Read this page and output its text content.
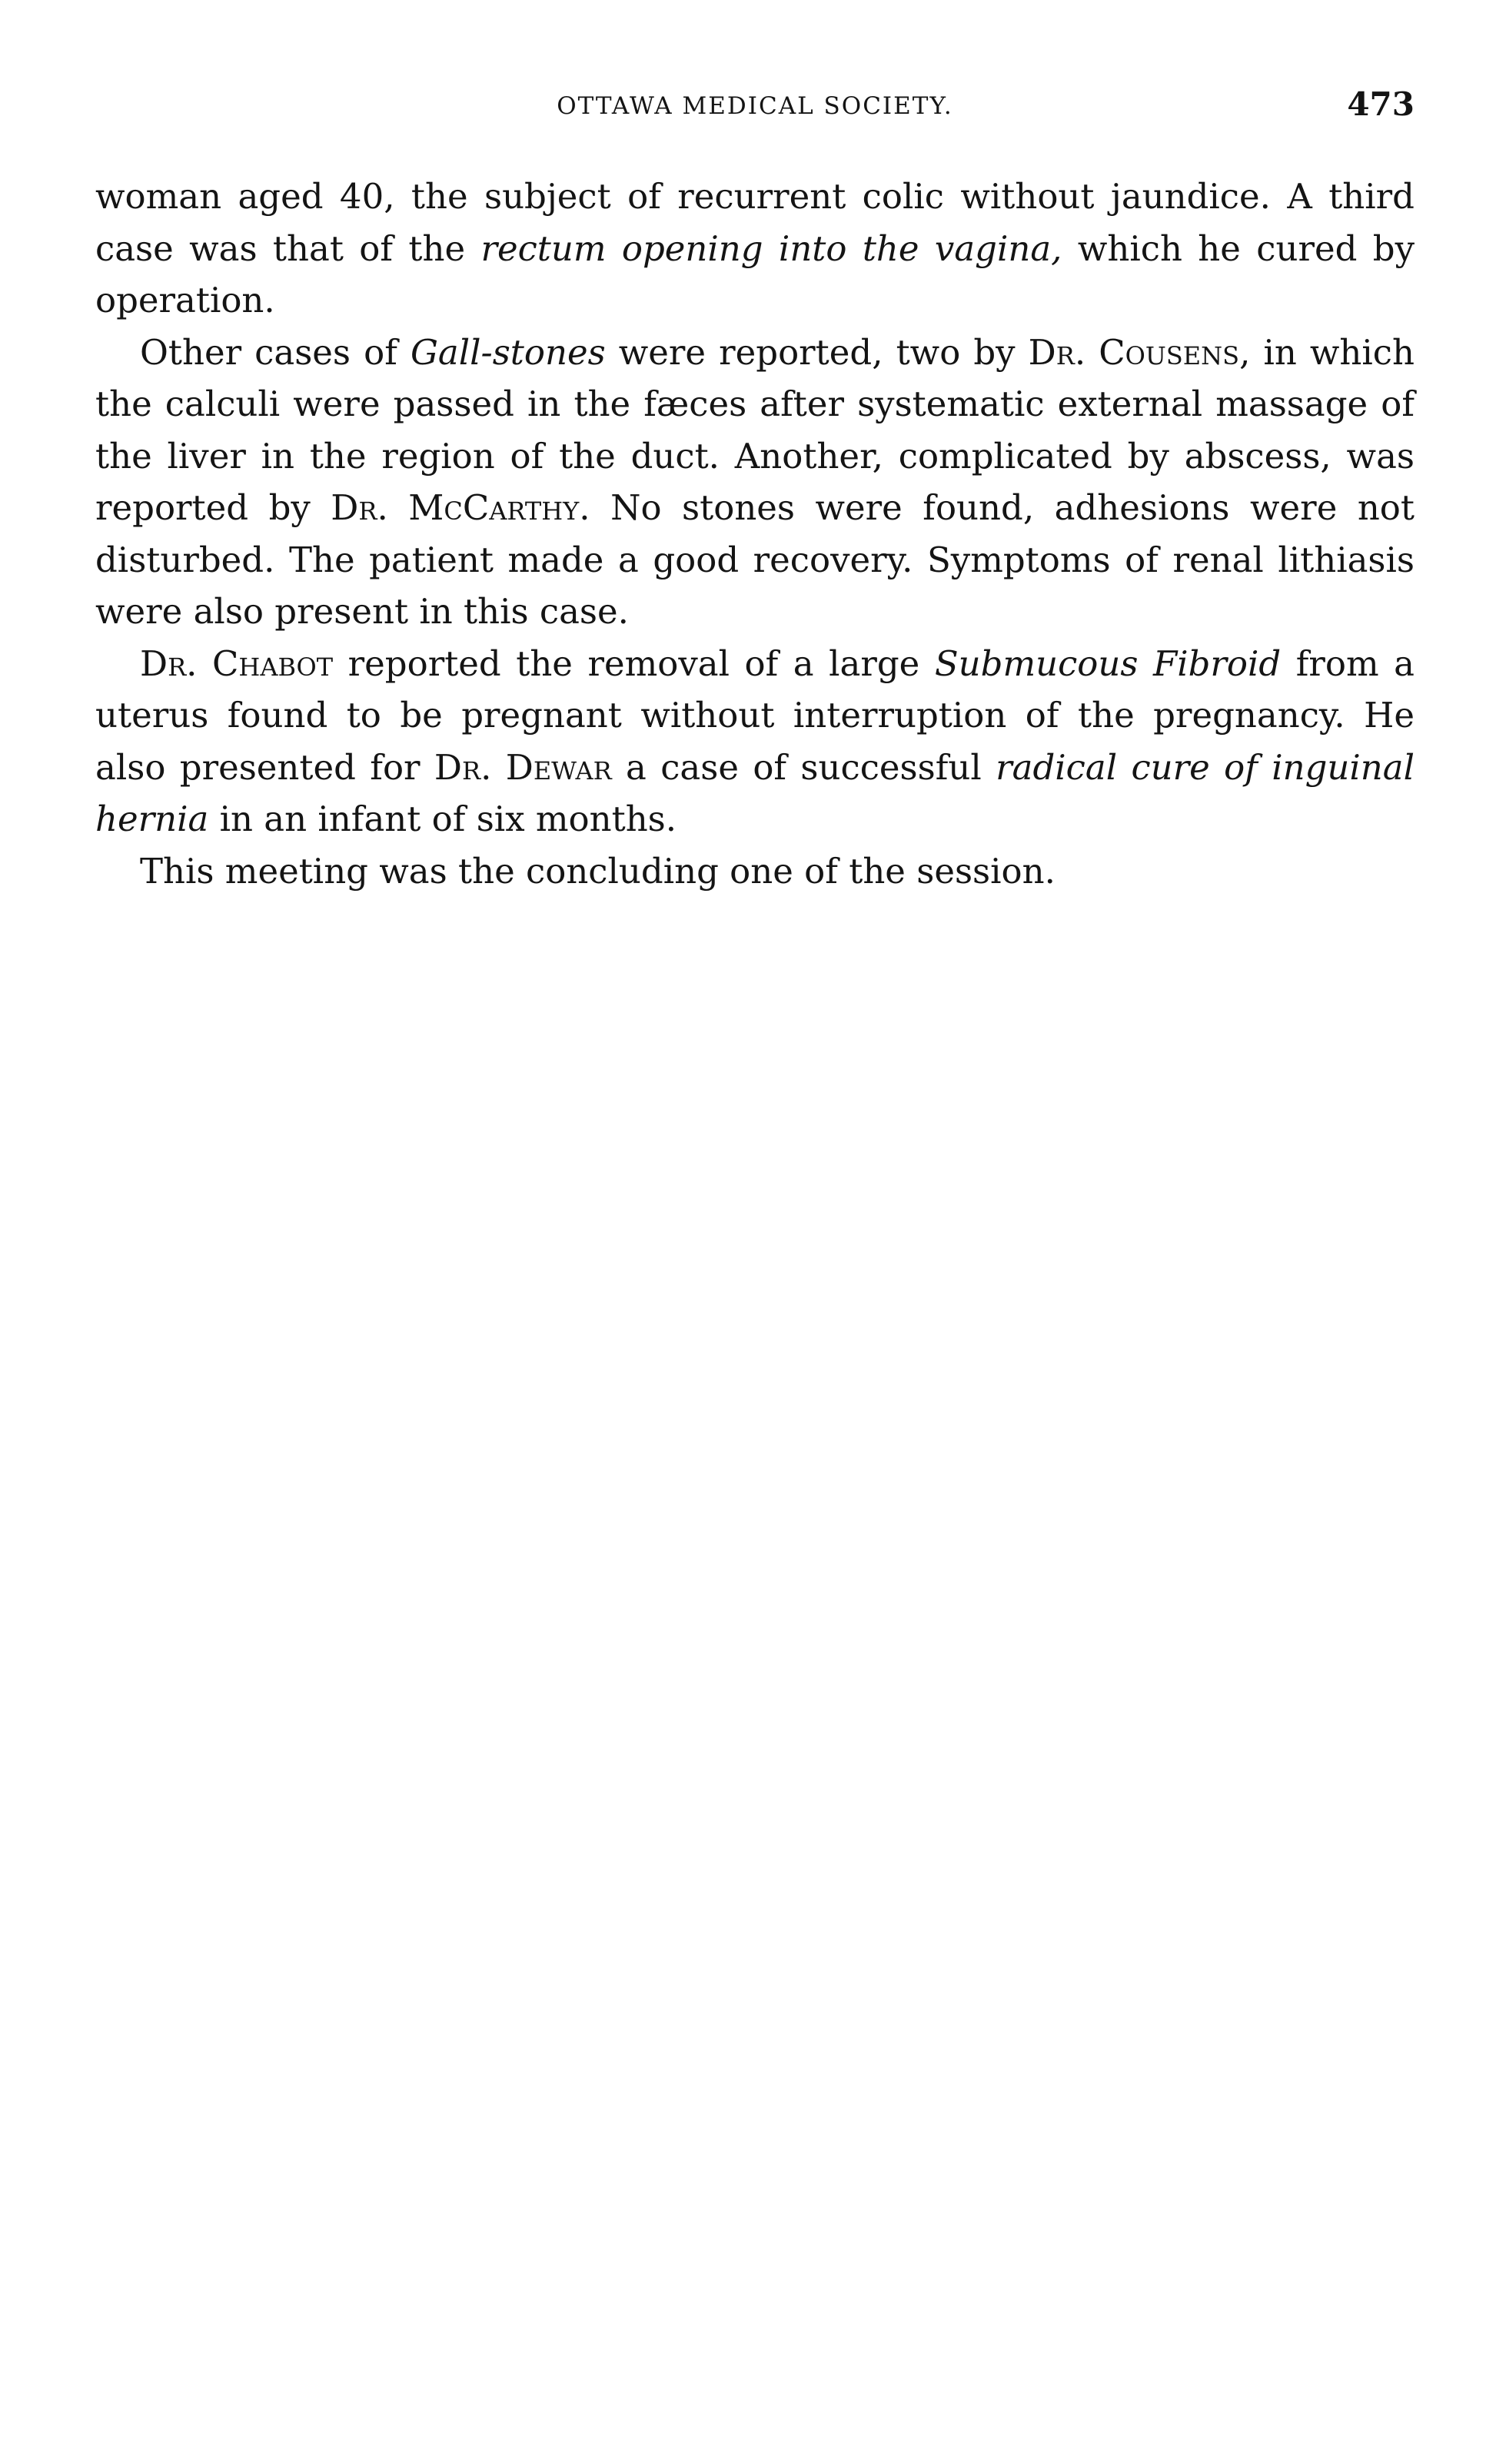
OTTAWA MEDICAL SOCIETY.	473

woman aged 40, the subject of recurrent colic without jaundice. A third case was that of the rectum opening into the vagina, which he cured by operation.

Other cases of Gall-stones were reported, two by Dr. Cousens, in which the calculi were passed in the fæces after systematic external massage of the liver in the region of the duct. Another, complicated by abscess, was reported by Dr. McCarthy. No stones were found, adhesions were not disturbed. The patient made a good recovery. Symptoms of renal lithiasis were also present in this case.

Dr. Chabot reported the removal of a large Submucous Fibroid from a uterus found to be pregnant without interruption of the pregnancy. He also presented for Dr. Dewar a case of successful radical cure of inguinal hernia in an infant of six months.

This meeting was the concluding one of the session.
